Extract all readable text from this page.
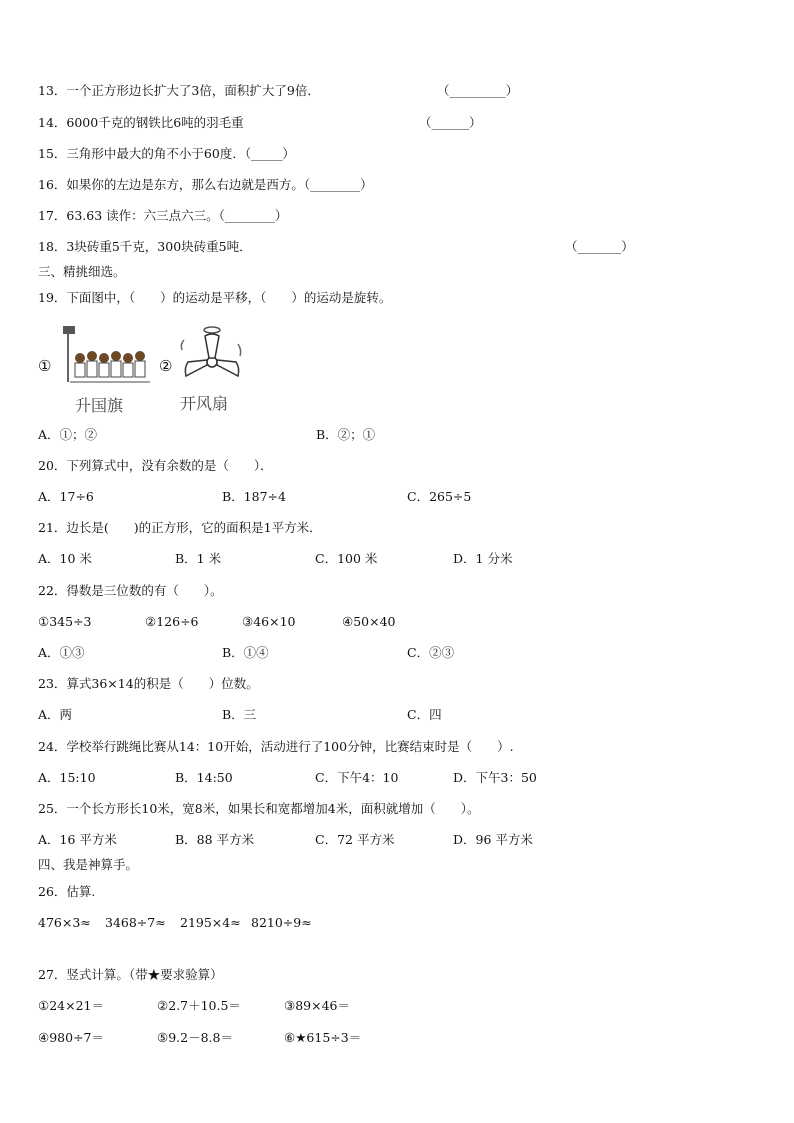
13．一个正方形边长扩大了3倍，面积扩大了9倍．	（_________）
14．6000千克的钢铁比6吨的羽毛重	（______）
15．三角形中最大的角不小于60度．（_____）
16．如果你的左边是东方，那么右边就是西方。（________）
17．63.63 读作：六三点六三。（________）
18．3块砖重5千克，300块砖重5吨．	（_______）
三、精挑细选。
19．下面图中，（　　）的运动是平移，（　　）的运动是旋转。
①
升国旗
②
开风扇
A．①；②	B．②；①
20．下列算式中，没有余数的是（　　）．
A．17÷6	B．187÷4	C．265÷5
21．边长是(　　)的正方形，它的面积是1平方米．
A．10 米	B．1 米	C．100 米	D．1 分米
22．得数是三位数的有（　　）。
①345÷3	②126÷6	③46×10	④50×40
A．①③	B．①④	C．②③
23．算式36×14的积是（　　）位数。
A．两	B．三	C．四
24．学校举行跳绳比赛从14：10开始，活动进行了100分钟，比赛结束时是（　　）.
A．15:10	B．14:50	C．下午4：10	D．下午3：50
25．一个长方形长10米，宽8米，如果长和宽都增加4米，面积就增加（　　）。
A．16 平方米	B．88 平方米	C．72 平方米	D．96 平方米
四、我是神算手。
26．估算.
476×3≈ 3468÷7≈ 2195×4≈ 8210÷9≈
27．竖式计算。（带★要求验算）
①24×21＝	②2.7＋10.5＝	③89×46＝
④980÷7＝	⑤9.2－8.8＝	⑥★615÷3＝
